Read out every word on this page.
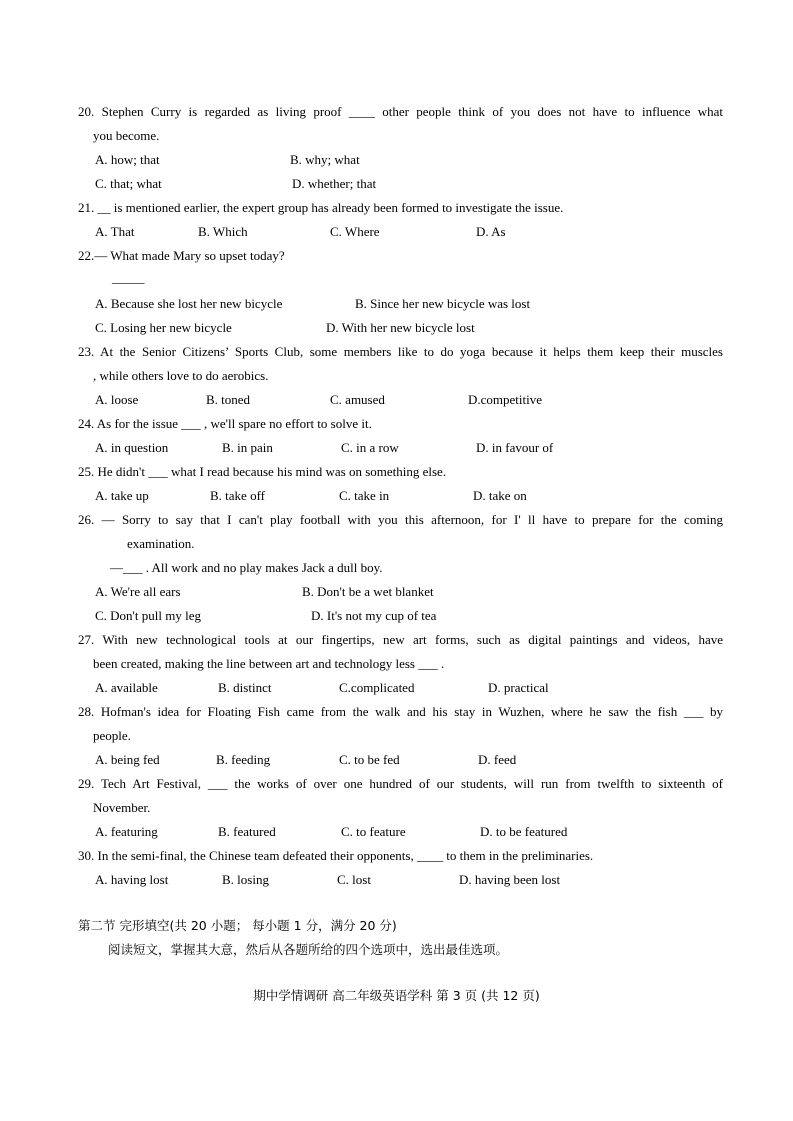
20. Stephen Curry is regarded as living proof ____ other people think of you does not have to influence what
you become.
A. how; that	B. why; what
C. that; what	D. whether; that
21. __ is mentioned earlier, the expert group has already been formed to investigate the issue.
A. That	B. Which	C. Where	D. As
22.— What made Mary so upset today?
_____
A. Because she lost her new bicycle	B. Since her new bicycle was lost
C. Losing her new bicycle	D. With her new bicycle lost
23. At the Senior Citizens’ Sports Club, some members like to do yoga because it helps them keep their muscles
, while others love to do aerobics.
A. loose	B. toned	C. amused	D.competitive
24. As for the issue ___ , we'll spare no effort to solve it.
A. in question	B. in pain	C. in a row	D. in favour of
25. He didn't ___ what I read because his mind was on something else.
A. take up	B. take off	C. take in	D. take on
26. — Sorry to say that I can't play football with you this afternoon, for I' ll have to prepare for the coming
examination.
—___ . All work and no play makes Jack a dull boy.
A. We're all ears	B. Don't be a wet blanket
C. Don't pull my leg	D. It's not my cup of tea
27. With new technological tools at our fingertips, new art forms, such as digital paintings and videos, have
been created, making the line between art and technology less ___ .
A. available	B. distinct	C.complicated	D. practical
28. Hofman's idea for Floating Fish came from the walk and his stay in Wuzhen, where he saw the fish ___ by
people.
A. being fed	B. feeding	C. to be fed	D. feed
29. Tech Art Festival, ___ the works of over one hundred of our students, will run from twelfth to sixteenth of
November.
A. featuring	B. featured	C. to feature	D. to be featured
30. In the semi-final, the Chinese team defeated their opponents, ____ to them in the preliminaries.
A. having lost	B. losing	C. lost	D. having been lost
第二节 完形填空(共 20 小题； 每小题 1 分，满分 20 分)
阅读短文，掌握其大意，然后从各题所给的四个选项中，选出最佳选项。
期中学情调研 高二年级英语学科 第 3 页 (共 12 页)
